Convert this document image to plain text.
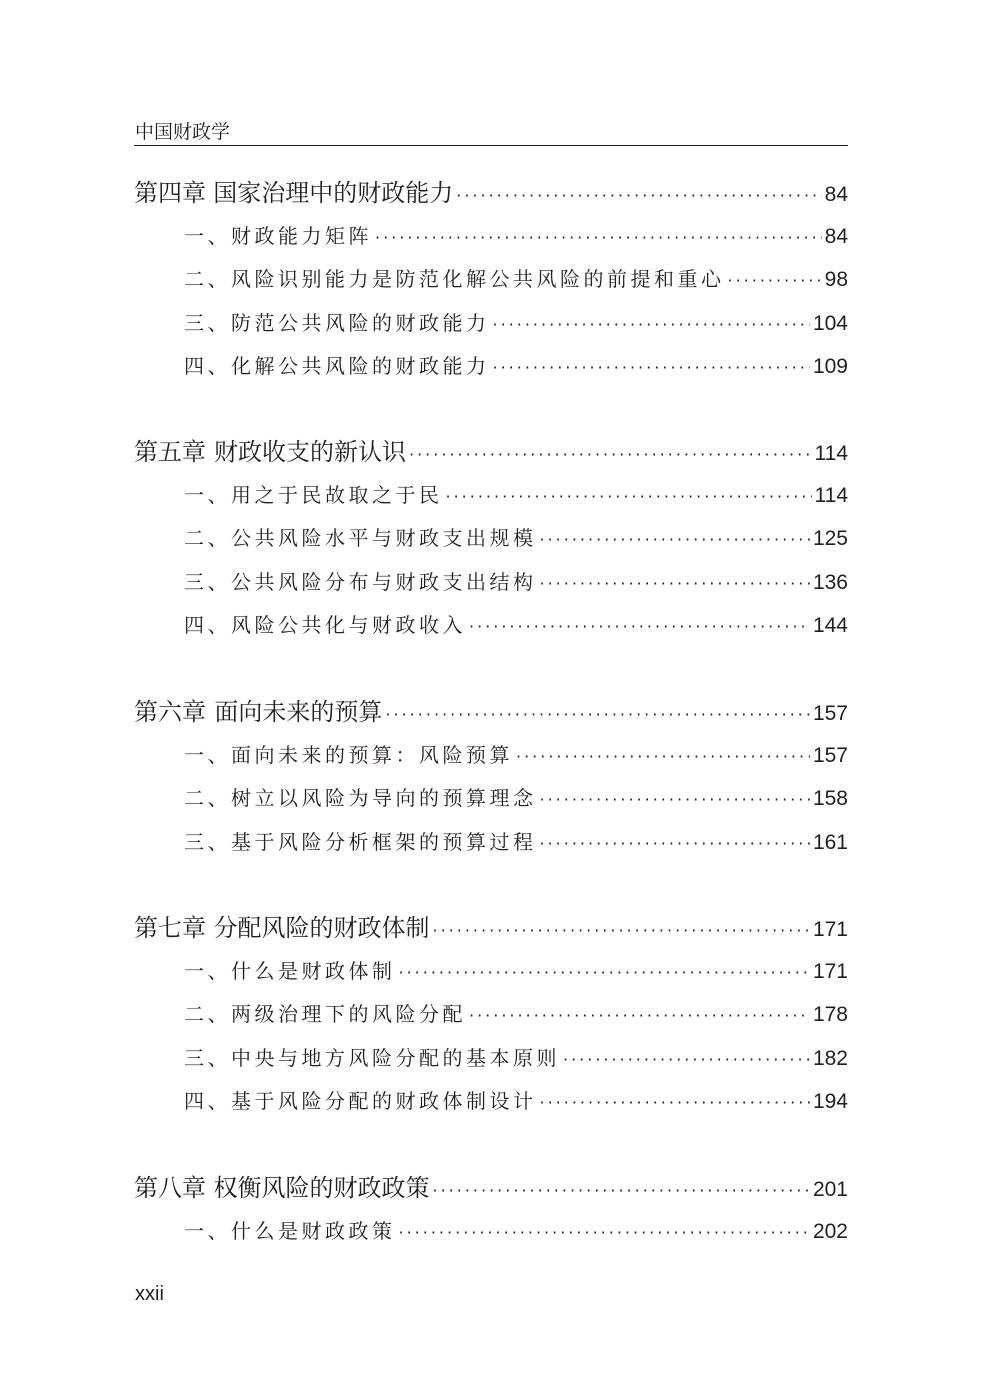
中国财政学
第四章 国家治理中的财政能力 ·····	84
一、 财政能力矩阵 ·····	84
二、 风险识别能力是防范化解公共风险的前提和重心 ·····	98
三、 防范公共风险的财政能力 ·····	104
四、 化解公共风险的财政能力 ·····	109
第五章 财政收支的新认识 ·····	114
一、 用之于民故取之于民 ·····	114
二、 公共风险水平与财政支出规模 ·····	125
三、 公共风险分布与财政支出结构 ·····	136
四、 风险公共化与财政收入 ·····	144
第六章 面向未来的预算 ·····	157
一、 面向未来的预算：风险预算 ·····	157
二、 树立以风险为导向的预算理念 ·····	158
三、 基于风险分析框架的预算过程 ·····	161
第七章 分配风险的财政体制 ·····	171
一、 什么是财政体制 ·····	171
二、 两级治理下的风险分配 ·····	178
三、 中央与地方风险分配的基本原则 ·····	182
四、 基于风险分配的财政体制设计 ·····	194
第八章 权衡风险的财政政策 ·····	201
一、 什么是财政政策 ·····	202
xxii
